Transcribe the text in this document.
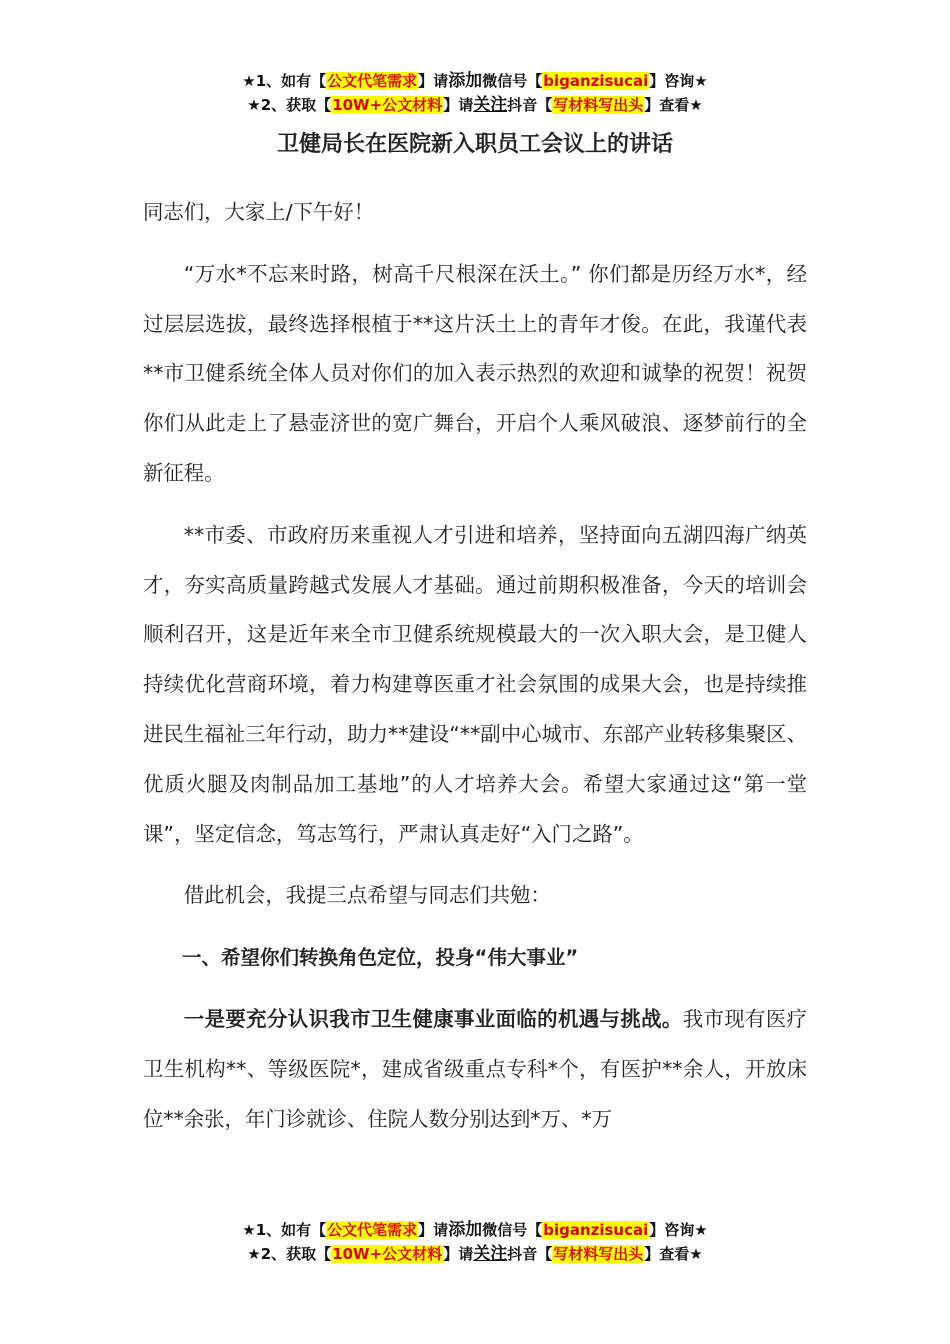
★1、如有【公文代笔需求】请添加微信号【biganzisucai】咨询★
★2、获取【10W+公文材料】请关注抖音【写材料写出头】查看★
卫健局长在医院新入职员工会议上的讲话

同志们，大家上/下午好！

“万水*不忘来时路，树高千尺根深在沃土。” 你们都是历经万水*，经过层层选拔，最终选择根植于**这片沃土上的青年才俊。在此，我谨代表**市卫健系统全体人员对你们的加入表示热烈的欢迎和诚挚的祝贺！祝贺你们从此走上了悬壶济世的宽广舞台，开启个人乘风破浪、逐梦前行的全新征程。

**市委、市政府历来重视人才引进和培养，坚持面向五湖四海广纳英才，夯实高质量跨越式发展人才基础。通过前期积极准备，今天的培训会顺利召开，这是近年来全市卫健系统规模最大的一次入职大会，是卫健人持续优化营商环境，着力构建尊医重才社会氛围的成果大会，也是持续推进民生福祉三年行动，助力**建设“**副中心城市、东部产业转移集聚区、优质火腿及肉制品加工基地”的人才培养大会。希望大家通过这“第一堂课”，坚定信念，笃志笃行，严肃认真走好“入门之路”。

借此机会，我提三点希望与同志们共勉：

一、希望你们转换角色定位，投身“伟大事业”

一是要充分认识我市卫生健康事业面临的机遇与挑战。我市现有医疗卫生机构**、等级医院*，建成省级重点专科*个，有医护**余人，开放床位**余张，年门诊就诊、住院人数分别达到*万、*万

★1、如有【公文代笔需求】请添加微信号【biganzisucai】咨询★
★2、获取【10W+公文材料】请关注抖音【写材料写出头】查看★
